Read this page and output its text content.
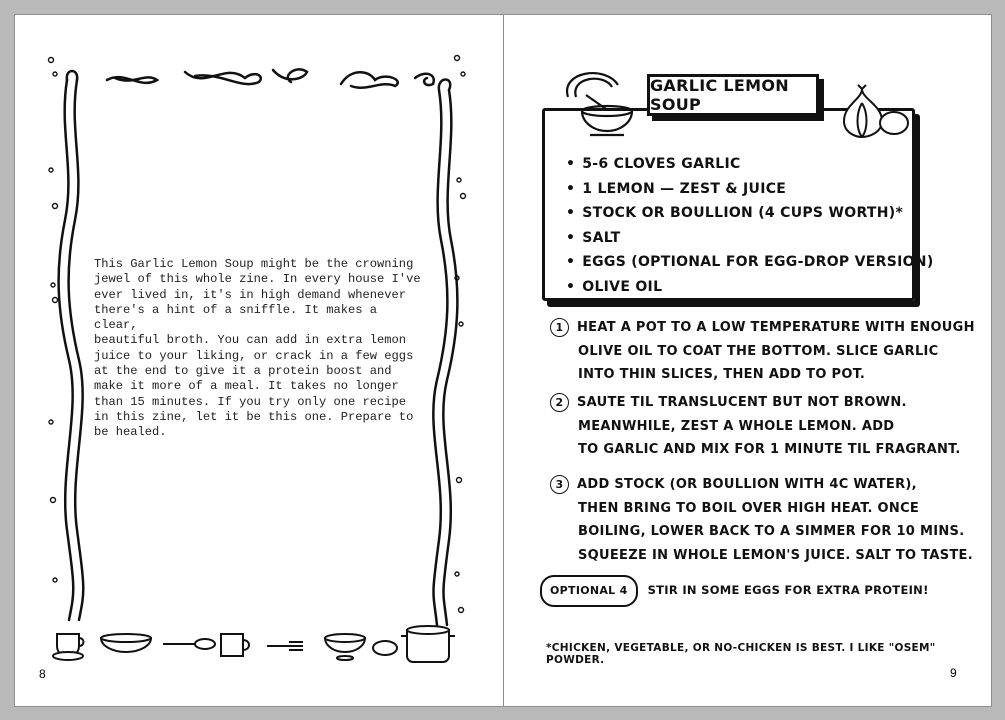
This Garlic Lemon Soup might be the crowning
jewel of this whole zine. In every house I've
ever lived in, it's in high demand whenever
there's a hint of a sniffle. It makes a clear,
beautiful broth. You can add in extra lemon
juice to your liking, or crack in a few eggs
at the end to give it a protein boost and
make it more of a meal. It takes no longer
than 15 minutes. If you try only one recipe
in this zine, let it be this one. Prepare to
be healed.

8
GARLIC LEMON SOUP
• 5-6 CLOVES GARLIC
• 1 LEMON — ZEST & JUICE
• STOCK OR BOULLION (4 CUPS WORTH)*
• SALT
• EGGS (OPTIONAL FOR EGG-DROP VERSION)
• OLIVE OIL
1 HEAT A POT TO A LOW TEMPERATURE WITH ENOUGH
OLIVE OIL TO COAT THE BOTTOM. SLICE GARLIC
INTO THIN SLICES, THEN ADD TO POT.
2 SAUTE TIL TRANSLUCENT BUT NOT BROWN.
MEANWHILE, ZEST A WHOLE LEMON. ADD
TO GARLIC AND MIX FOR 1 MINUTE TIL FRAGRANT.
3 ADD STOCK (OR BOULLION WITH 4C WATER),
THEN BRING TO BOIL OVER HIGH HEAT. ONCE
BOILING, LOWER BACK TO A SIMMER FOR 10 MINS.
SQUEEZE IN WHOLE LEMON'S JUICE. SALT TO TASTE.
OPTIONAL 4 STIR IN SOME EGGS FOR EXTRA PROTEIN!
*CHICKEN, VEGETABLE, OR NO-CHICKEN IS BEST. I LIKE "OSEM" POWDER.
9
